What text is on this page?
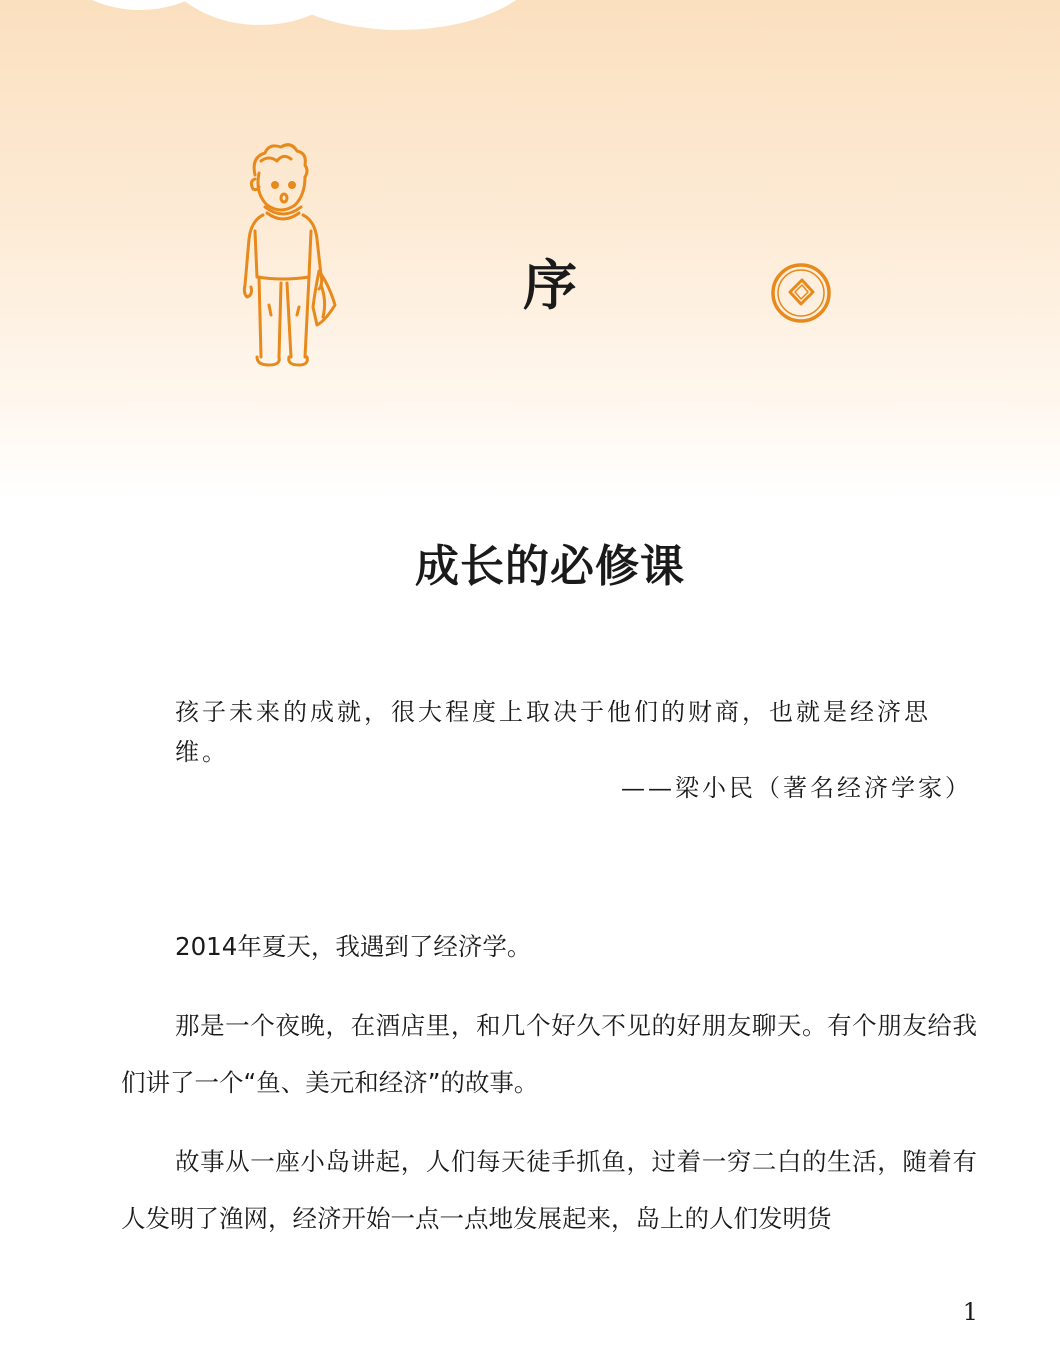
序
成长的必修课
孩子未来的成就，很大程度上取决于他们的财商，也就是经济思维。
——梁小民（著名经济学家）

2014年夏天，我遇到了经济学。

那是一个夜晚，在酒店里，和几个好久不见的好朋友聊天。有个朋友给我们讲了一个“鱼、美元和经济”的故事。

故事从一座小岛讲起，人们每天徒手抓鱼，过着一穷二白的生活，随着有人发明了渔网，经济开始一点一点地发展起来，岛上的人们发明货

1
